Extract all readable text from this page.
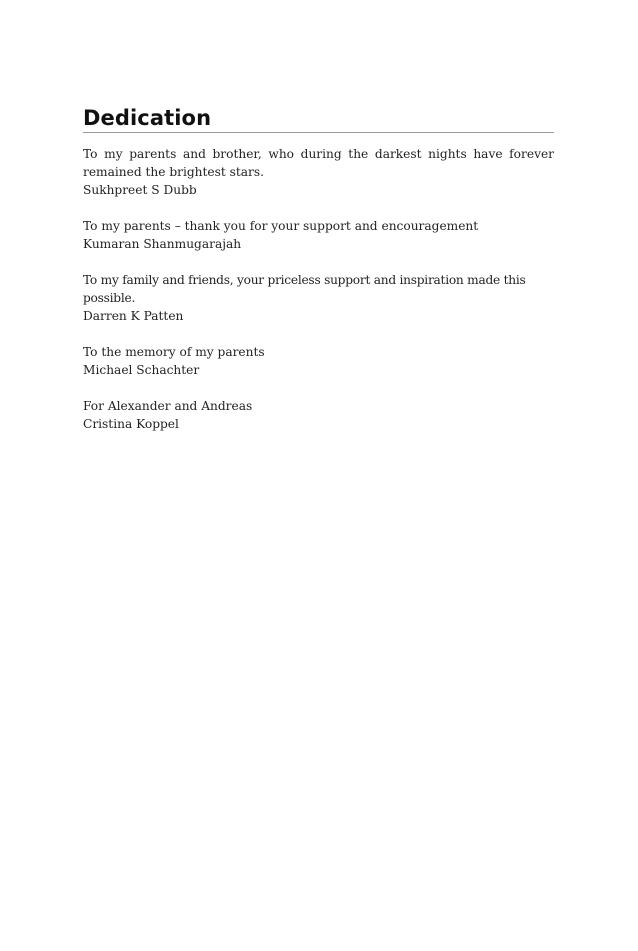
Dedication

To my parents and brother, who during the darkest nights have forever remained the brightest stars.

Sukhpreet S Dubb

To my parents – thank you for your support and encouragement

Kumaran Shanmugarajah

To my family and friends, your priceless support and inspiration made this possible.

Darren K Patten

To the memory of my parents

Michael Schachter

For Alexander and Andreas

Cristina Koppel
